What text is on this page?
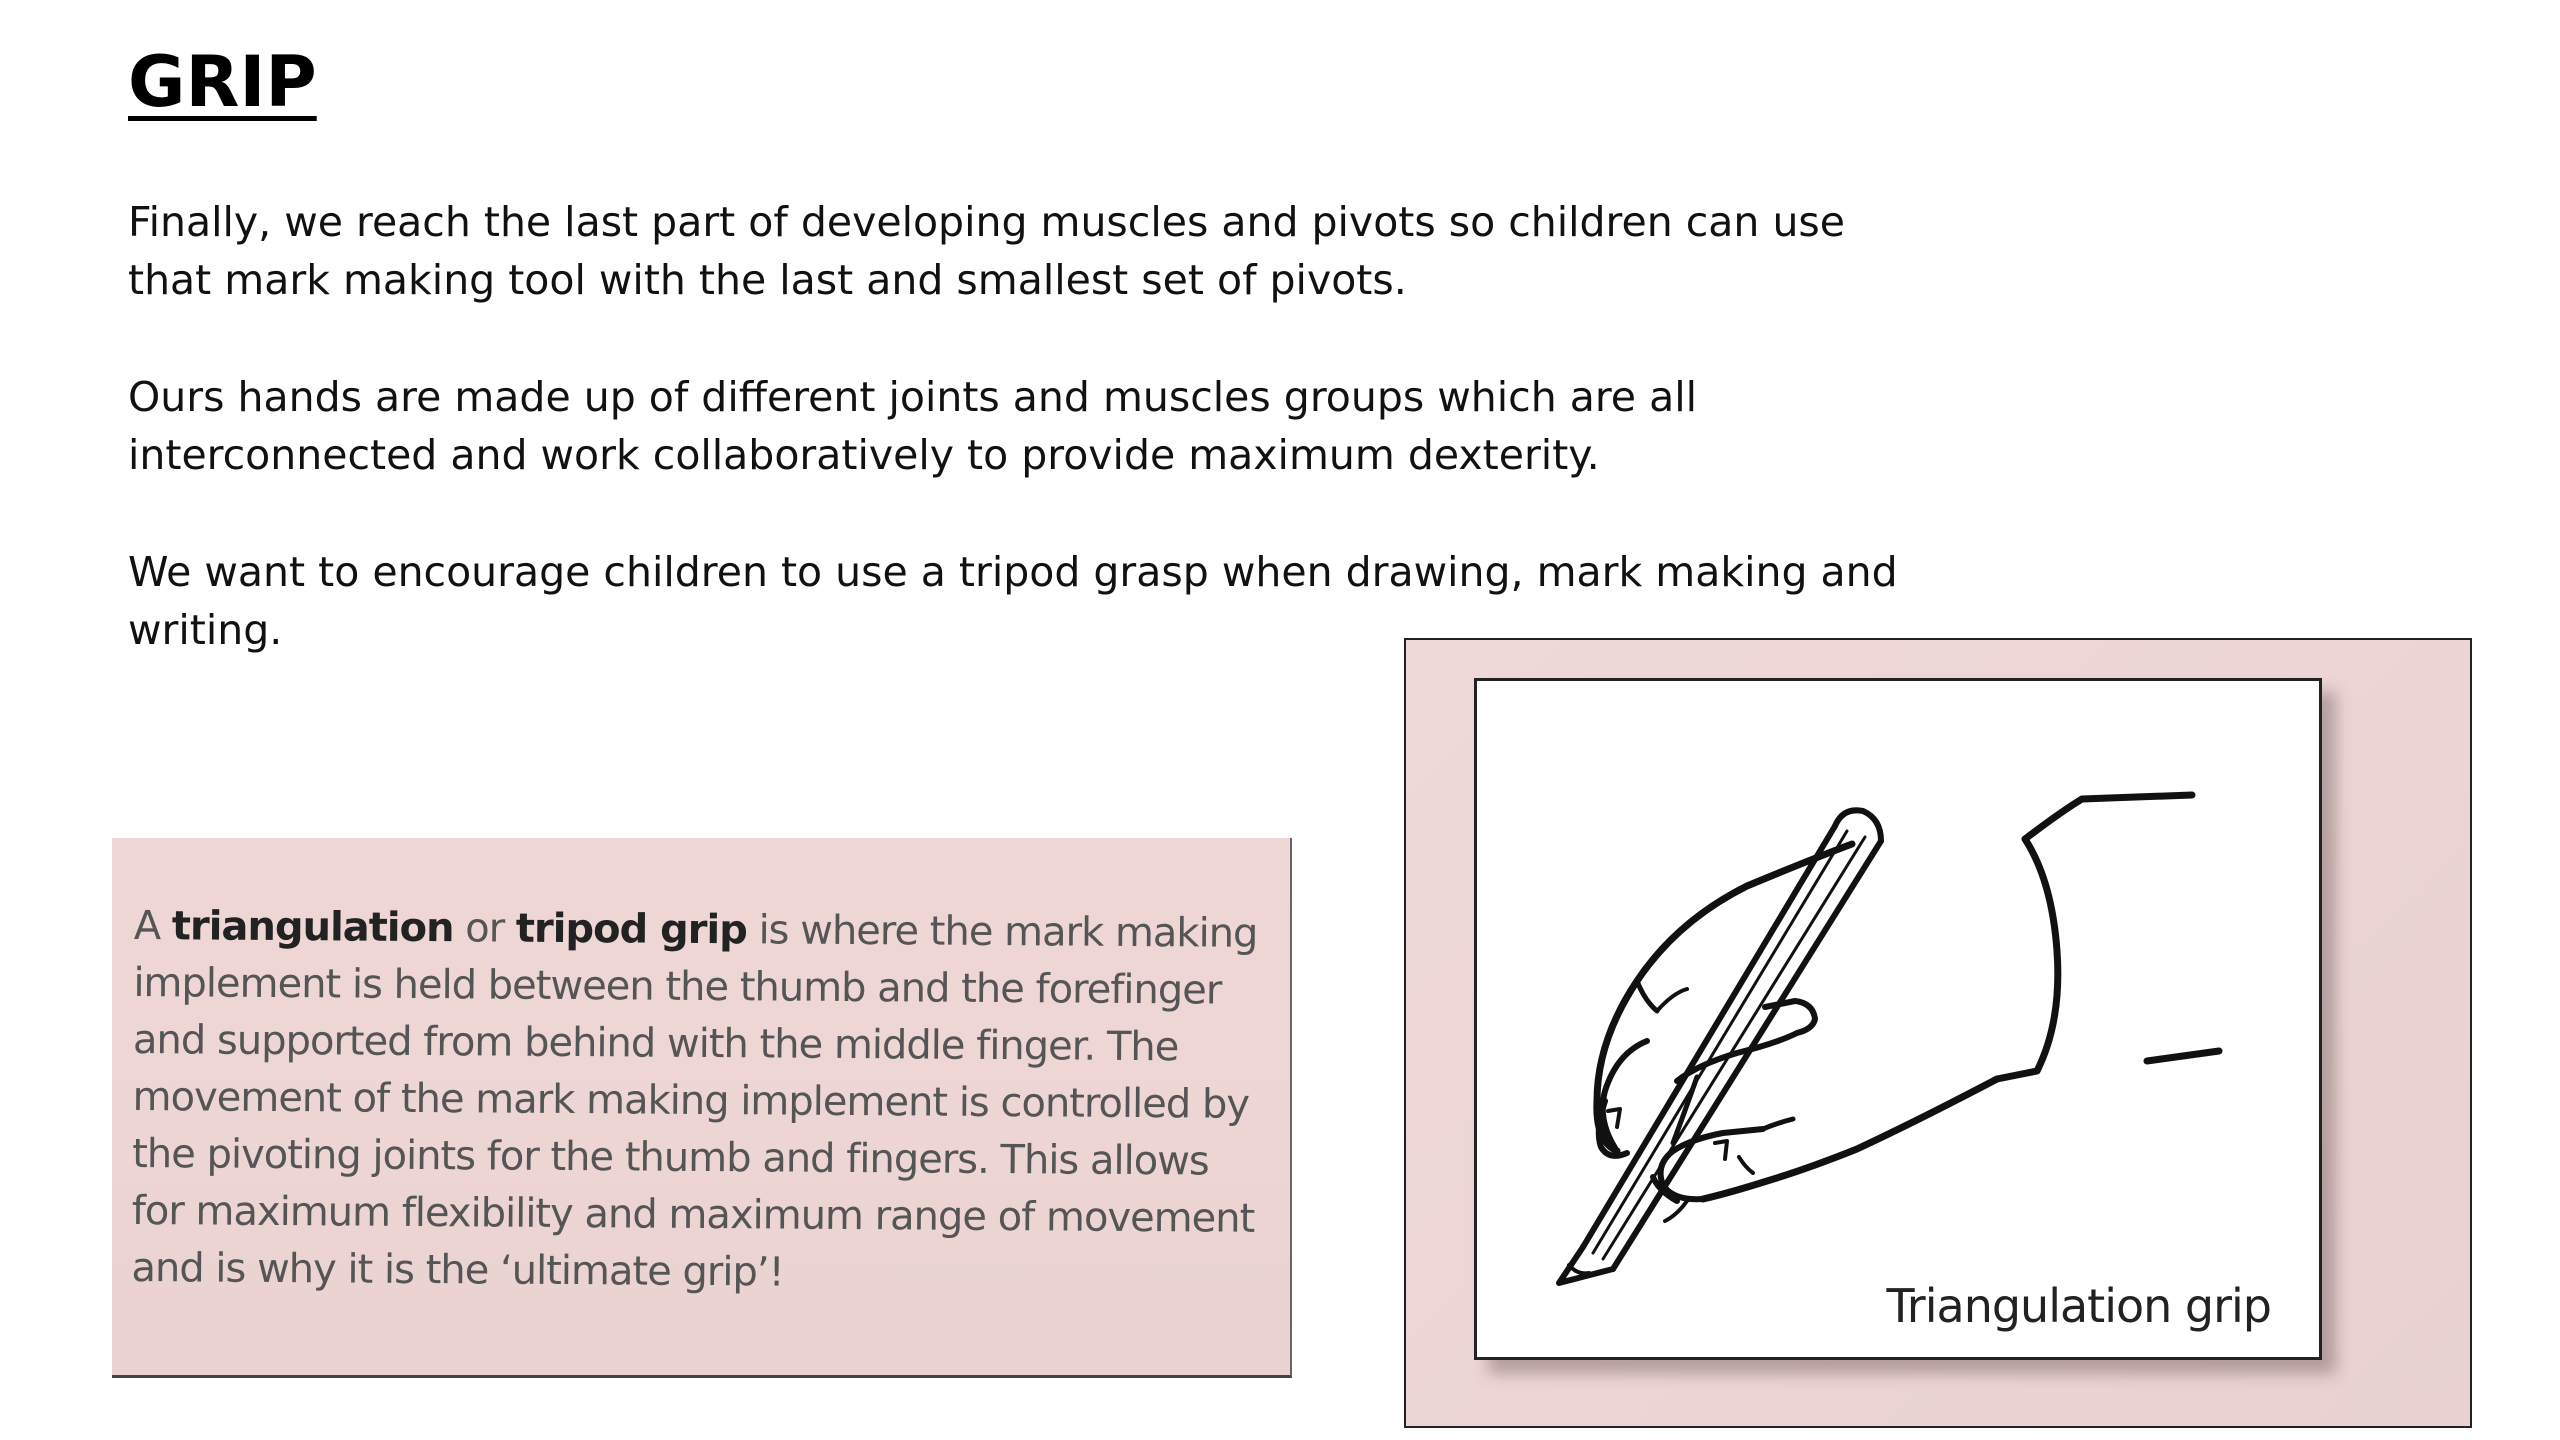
GRIP

Finally, we reach the last part of developing muscles and pivots so children can use that mark making tool with the last and smallest set of pivots.

Ours hands are made up of different joints and muscles groups which are all interconnected and work collaboratively to provide maximum dexterity.

We want to encourage children to use a tripod grasp when drawing, mark making and writing.

A triangulation or tripod grip is where the mark making implement is held between the thumb and the forefinger and supported from behind with the middle finger. The movement of the mark making implement is controlled by the pivoting joints for the thumb and fingers. This allows for maximum flexibility and maximum range of movement and is why it is the ‘ultimate grip’!

Triangulation grip
